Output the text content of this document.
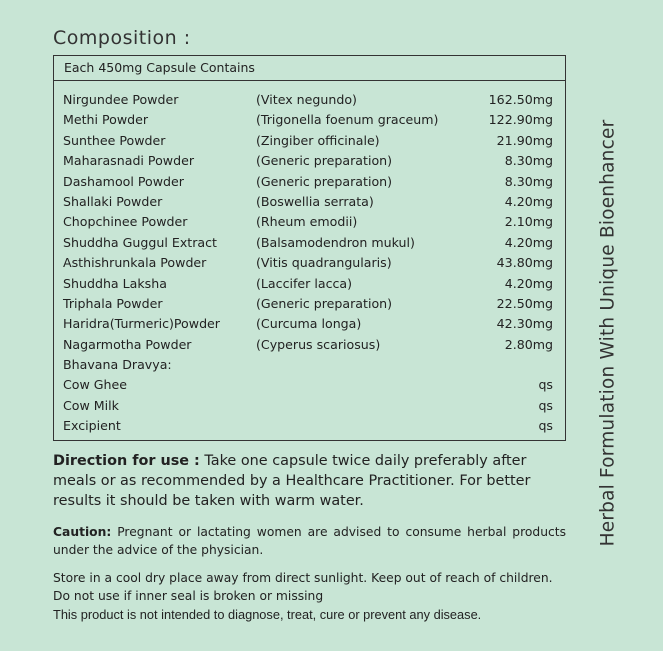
Composition :
Each 450mg Capsule Contains
Nirgundee Powder	(Vitex negundo)	162.50mg
Methi Powder	(Trigonella foenum graceum)	122.90mg
Sunthee Powder	(Zingiber officinale)	21.90mg
Maharasnadi Powder	(Generic preparation)	8.30mg
Dashamool Powder	(Generic preparation)	8.30mg
Shallaki Powder	(Boswellia serrata)	4.20mg
Chopchinee Powder	(Rheum emodii)	2.10mg
Shuddha Guggul Extract	(Balsamodendron mukul)	4.20mg
Asthishrunkala Powder	(Vitis quadrangularis)	43.80mg
Shuddha Laksha	(Laccifer lacca)	4.20mg
Triphala Powder	(Generic preparation)	22.50mg
Haridra(Turmeric)Powder	(Curcuma longa)	42.30mg
Nagarmotha Powder	(Cyperus scariosus)	2.80mg
Bhavana Dravya:
Cow Ghee	qs
Cow Milk	qs
Excipient	qs
Direction for use : Take one capsule twice daily preferably after meals or as recommended by a Healthcare Practitioner. For better results it should be taken with warm water.
Caution: Pregnant or lactating women are advised to consume herbal products under the advice of the physician.
Store in a cool dry place away from direct sunlight. Keep out of reach of children. Do not use if inner seal is broken or missing
This product is not intended to diagnose, treat, cure or prevent any disease.
Herbal Formulation With Unique Bioenhancer
